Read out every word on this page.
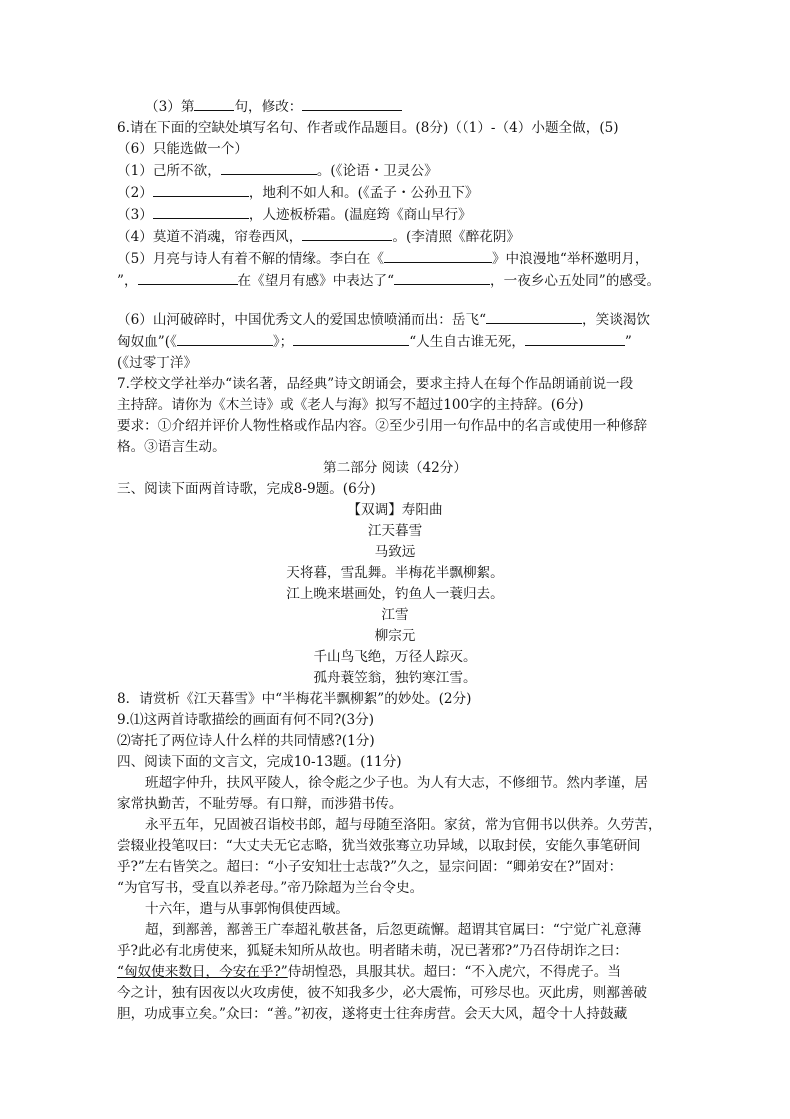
（3）第	句，修改：

6.请在下面的空缺处填写名句、作者或作品题目。(8分)（（1）-（4）小题全做，(5)

（6）只能选做一个）

（1）己所不欲，	。(《论语・卫灵公》

（2）	，地利不如人和。(《孟子・公孙丑下》

（3）	，人迹板桥霜。(温庭筠《商山早行》

（4）莫道不消魂，帘卷西风，	。(李清照《醉花阴》

（5）月亮与诗人有着不解的情缘。李白在《	》中浪漫地“举杯邀明月，

”，	在《望月有感》中表达了“	，一夜乡心五处同”的感受。

（6）山河破碎时，中国优秀文人的爱国忠愤喷涌而出：岳飞“	，笑谈渴饮

匈奴血”(《	》；	“人生自古谁无死，	”

(《过零丁洋》

7.学校文学社举办“读名著，品经典”诗文朗诵会，要求主持人在每个作品朗诵前说一段

主持辞。请你为《木兰诗》或《老人与海》拟写不超过100字的主持辞。(6分)

要求：①介绍并评价人物性格或作品内容。②至少引用一句作品中的名言或使用一种修辞

格。③语言生动。

第二部分 阅读（42分）

三、阅读下面两首诗歌，完成8-9题。(6分)

【双调】寿阳曲

江天暮雪

马致远

天将暮，雪乱舞。半梅花半飘柳絮。

江上晚来堪画处，钓鱼人一蓑归去。

江雪

柳宗元

千山鸟飞绝，万径人踪灭。

孤舟蓑笠翁，独钓寒江雪。

8．请赏析《江天暮雪》中“半梅花半飘柳絮”的妙处。(2分)

9.⑴这两首诗歌描绘的画面有何不同?(3分)

⑵寄托了两位诗人什么样的共同情感?(1分)

四、阅读下面的文言文，完成10-13题。(11分)

班超字仲升，扶风平陵人，徐令彪之少子也。为人有大志，不修细节。然内孝谨，居

家常执勤苦，不耻劳辱。有口辩，而涉猎书传。

永平五年，兄固被召诣校书郎，超与母随至洛阳。家贫，常为官佣书以供养。久劳苦，

尝辍业投笔叹曰：“大丈夫无它志略，犹当效张骞立功异域，以取封侯，安能久事笔研间

乎?”左右皆笑之。超曰：“小子安知壮士志哉?”久之，显宗问固：“卿弟安在?”固对：

“为官写书，受直以养老母。”帝乃除超为兰台令史。

十六年，遣与从事郭恂俱使西域。

超，到鄯善，鄯善王广奉超礼敬甚备，后忽更疏懈。超谓其官属曰：“宁觉广礼意薄

乎?此必有北虏使来，狐疑未知所从故也。明者睹未萌，况已著邪?”乃召侍胡诈之曰：

“匈奴使来数日，今安在乎?”侍胡惶恐，具服其状。超曰：“不入虎穴，不得虎子。当

今之计，独有因夜以火攻虏使，彼不知我多少，必大震怖，可殄尽也。灭此虏，则鄯善破

胆，功成事立矣。”众曰：“善。”初夜，遂将吏士往奔虏营。会天大风，超令十人持鼓藏
